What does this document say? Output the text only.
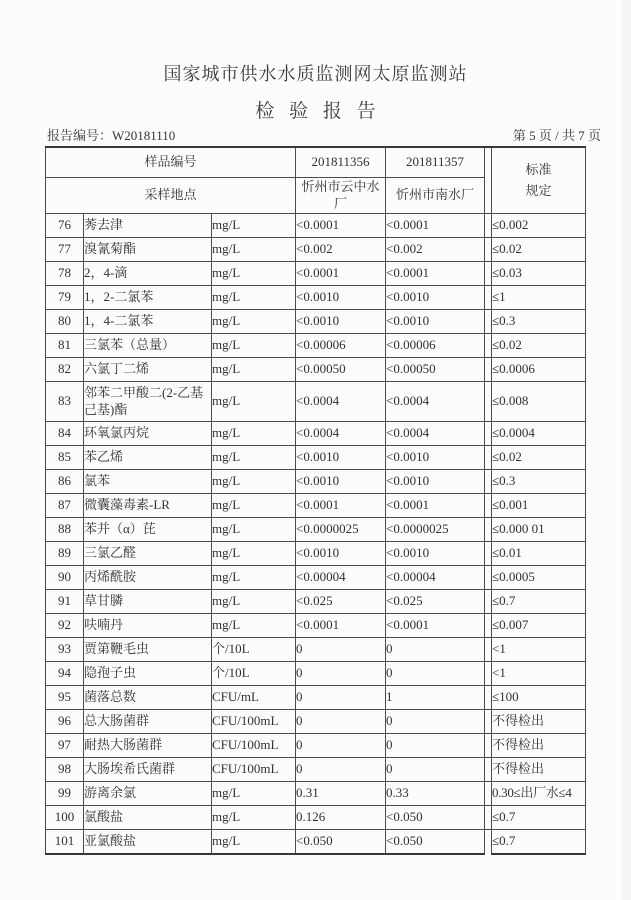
国家城市供水水质监测网太原监测站
检 验 报 告
报告编号：W20181110	第 5 页 / 共 7 页
样品编号			201811356	201811357		标准规定
采样地点			忻州市云中水厂	忻州市南水厂		
76	莠去津	mg/L	<0.0001	<0.0001		≤0.002
77	溴氰菊酯	mg/L	<0.002	<0.002		≤0.02
78	2，4-滴	mg/L	<0.0001	<0.0001		≤0.03
79	1，2-二氯苯	mg/L	<0.0010	<0.0010		≤1
80	1，4-二氯苯	mg/L	<0.0010	<0.0010		≤0.3
81	三氯苯（总量）	mg/L	<0.00006	<0.00006		≤0.02
82	六氯丁二烯	mg/L	<0.00050	<0.00050		≤0.0006
83	邻苯二甲酸二(2-乙基己基)酯	mg/L	<0.0004	<0.0004		≤0.008
84	环氧氯丙烷	mg/L	<0.0004	<0.0004		≤0.0004
85	苯乙烯	mg/L	<0.0010	<0.0010		≤0.02
86	氯苯	mg/L	<0.0010	<0.0010		≤0.3
87	微囊藻毒素-LR	mg/L	<0.0001	<0.0001		≤0.001
88	苯并（α）芘	mg/L	<0.0000025	<0.0000025		≤0.000 01
89	三氯乙醛	mg/L	<0.0010	<0.0010		≤0.01
90	丙烯酰胺	mg/L	<0.00004	<0.00004		≤0.0005
91	草甘膦	mg/L	<0.025	<0.025		≤0.7
92	呋喃丹	mg/L	<0.0001	<0.0001		≤0.007
93	贾第鞭毛虫	个/10L	0	0		<1
94	隐孢子虫	个/10L	0	0		<1
95	菌落总数	CFU/mL	0	1		≤100
96	总大肠菌群	CFU/100mL	0	0		不得检出
97	耐热大肠菌群	CFU/100mL	0	0		不得检出
98	大肠埃希氏菌群	CFU/100mL	0	0		不得检出
99	游离余氯	mg/L	0.31	0.33		0.30≤出厂水≤4
100	氯酸盐	mg/L	0.126	<0.050		≤0.7
101	亚氯酸盐	mg/L	<0.050	<0.050		≤0.7
